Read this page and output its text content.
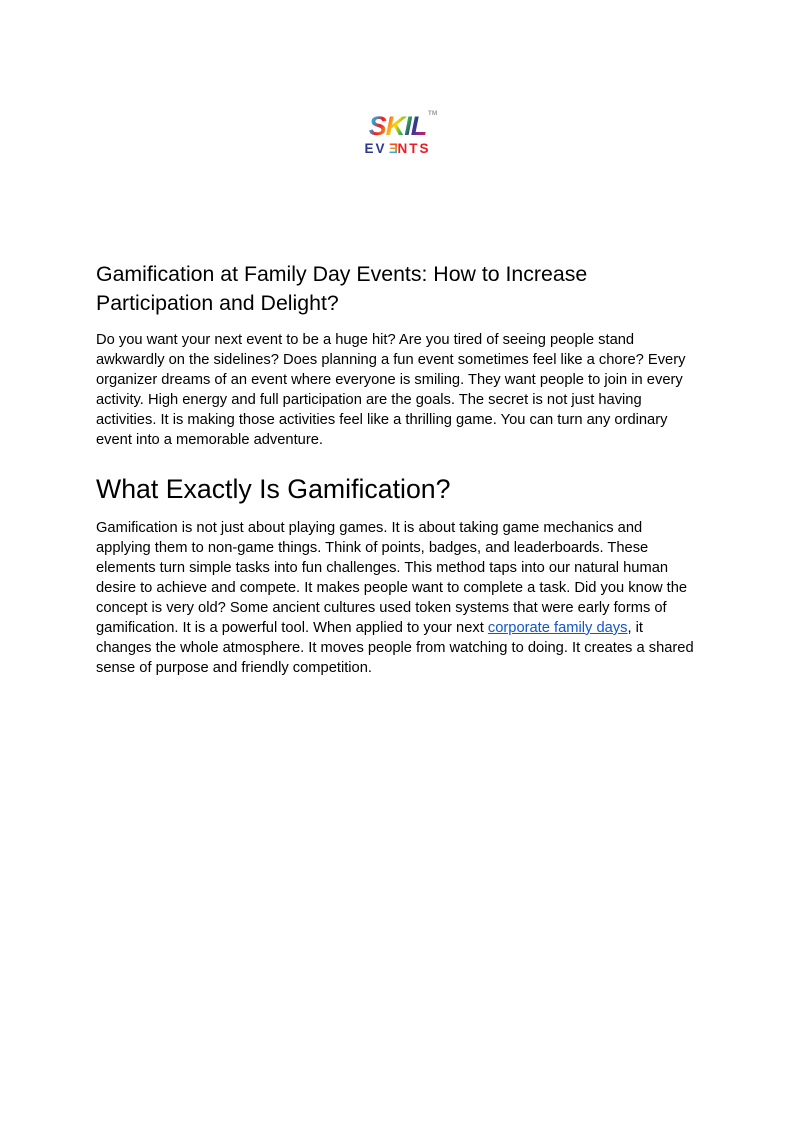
SKIL TM
EVENTS
Gamification at Family Day Events: How to Increase Participation and Delight?

Do you want your next event to be a huge hit? Are you tired of seeing people stand awkwardly on the sidelines? Does planning a fun event sometimes feel like a chore? Every organizer dreams of an event where everyone is smiling. They want people to join in every activity. High energy and full participation are the goals. The secret is not just having activities. It is making those activities feel like a thrilling game. You can turn any ordinary event into a memorable adventure.

What Exactly Is Gamification?

Gamification is not just about playing games. It is about taking game mechanics and applying them to non-game things. Think of points, badges, and leaderboards. These elements turn simple tasks into fun challenges. This method taps into our natural human desire to achieve and compete. It makes people want to complete a task. Did you know the concept is very old? Some ancient cultures used token systems that were early forms of gamification. It is a powerful tool. When applied to your next corporate family days, it changes the whole atmosphere. It moves people from watching to doing. It creates a shared sense of purpose and friendly competition.
